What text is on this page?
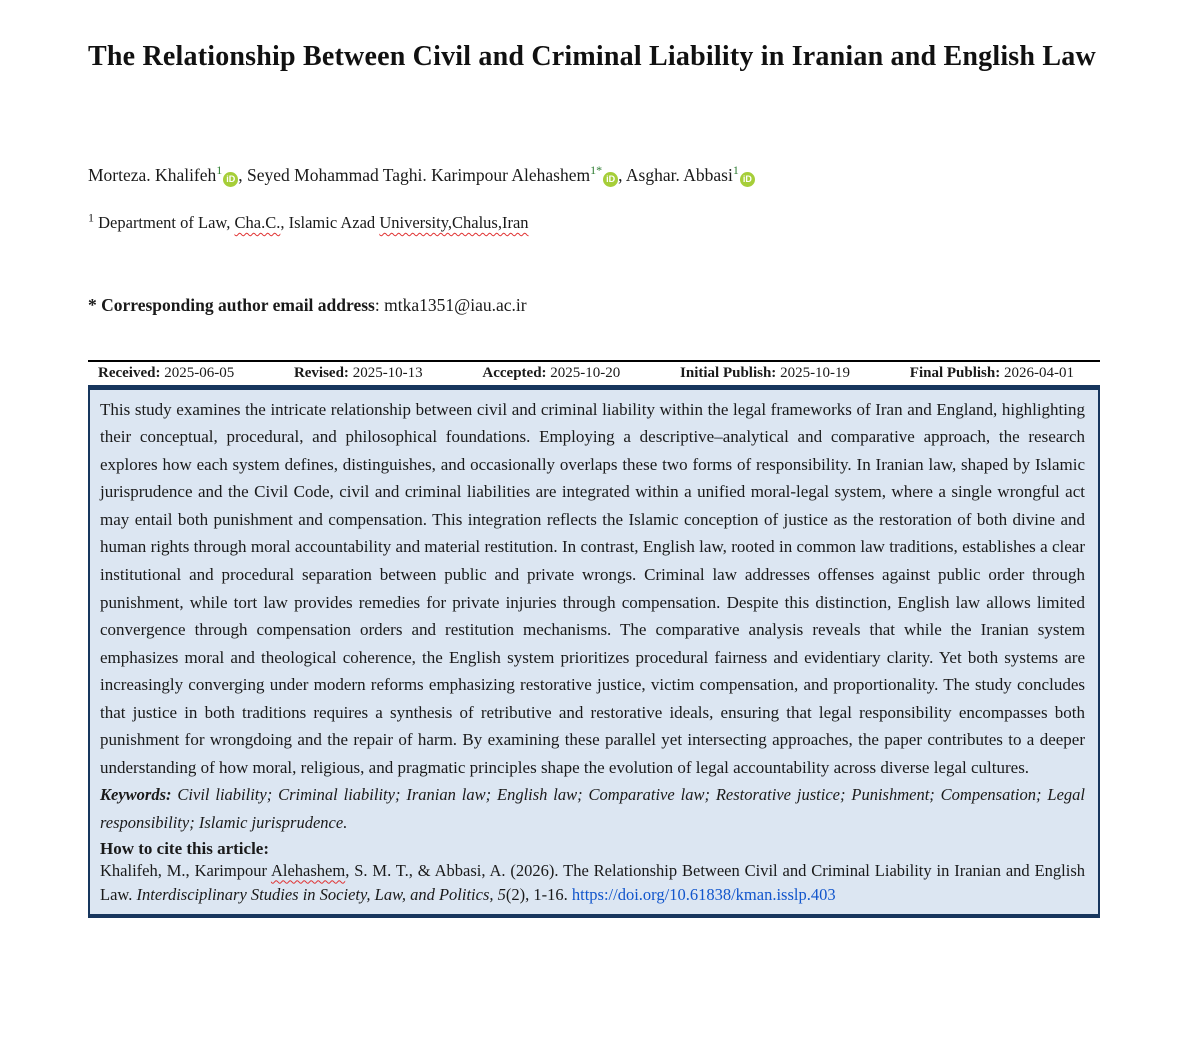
The Relationship Between Civil and Criminal Liability in Iranian and English Law
Morteza. Khalifeh$^1$iD , Seyed Mohammad Taghi. Karimpour Alehashem$^{1*}$iD , Asghar. Abbasi$^1$iD
$^1$ Department of Law, Cha.C., Islamic Azad University,Chalus,Iran
* Corresponding author email address: mtka1351@iau.ac.ir
Received: 2025-06-05	Revised: 2025-10-13	Accepted: 2025-10-20	Initial Publish: 2025-10-19	Final Publish: 2026-04-01

This study examines the intricate relationship between civil and criminal liability within the legal frameworks of Iran and England, highlighting their conceptual, procedural, and philosophical foundations. Employing a descriptive–analytical and comparative approach, the research explores how each system defines, distinguishes, and occasionally overlaps these two forms of responsibility. In Iranian law, shaped by Islamic jurisprudence and the Civil Code, civil and criminal liabilities are integrated within a unified moral-legal system, where a single wrongful act may entail both punishment and compensation. This integration reflects the Islamic conception of justice as the restoration of both divine and human rights through moral accountability and material restitution. In contrast, English law, rooted in common law traditions, establishes a clear institutional and procedural separation between public and private wrongs. Criminal law addresses offenses against public order through punishment, while tort law provides remedies for private injuries through compensation. Despite this distinction, English law allows limited convergence through compensation orders and restitution mechanisms. The comparative analysis reveals that while the Iranian system emphasizes moral and theological coherence, the English system prioritizes procedural fairness and evidentiary clarity. Yet both systems are increasingly converging under modern reforms emphasizing restorative justice, victim compensation, and proportionality. The study concludes that justice in both traditions requires a synthesis of retributive and restorative ideals, ensuring that legal responsibility encompasses both punishment for wrongdoing and the repair of harm. By examining these parallel yet intersecting approaches, the paper contributes to a deeper understanding of how moral, religious, and pragmatic principles shape the evolution of legal accountability across diverse legal cultures.

Keywords: Civil liability; Criminal liability; Iranian law; English law; Comparative law; Restorative justice; Punishment; Compensation; Legal responsibility; Islamic jurisprudence.

How to cite this article:

Khalifeh, M., Karimpour Alehashem, S. M. T., & Abbasi, A. (2026). The Relationship Between Civil and Criminal Liability in Iranian and English Law. Interdisciplinary Studies in Society, Law, and Politics, 5(2), 1-16. https://doi.org/10.61838/kman.isslp.403
